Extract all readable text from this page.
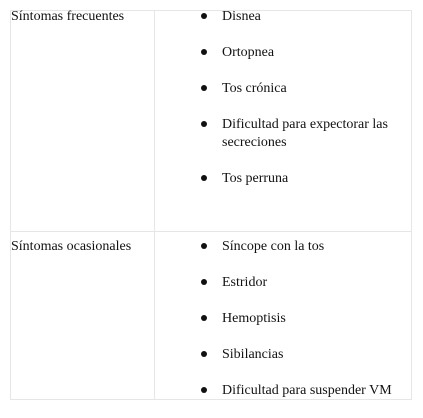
Síntomas frecuentes	Disnea
Ortopnea
Tos crónica
Dificultad para expectorar las secreciones
Tos perruna
Síntomas ocasionales	Síncope con la tos
Estridor
Hemoptisis
Sibilancias
Dificultad para suspender VM
